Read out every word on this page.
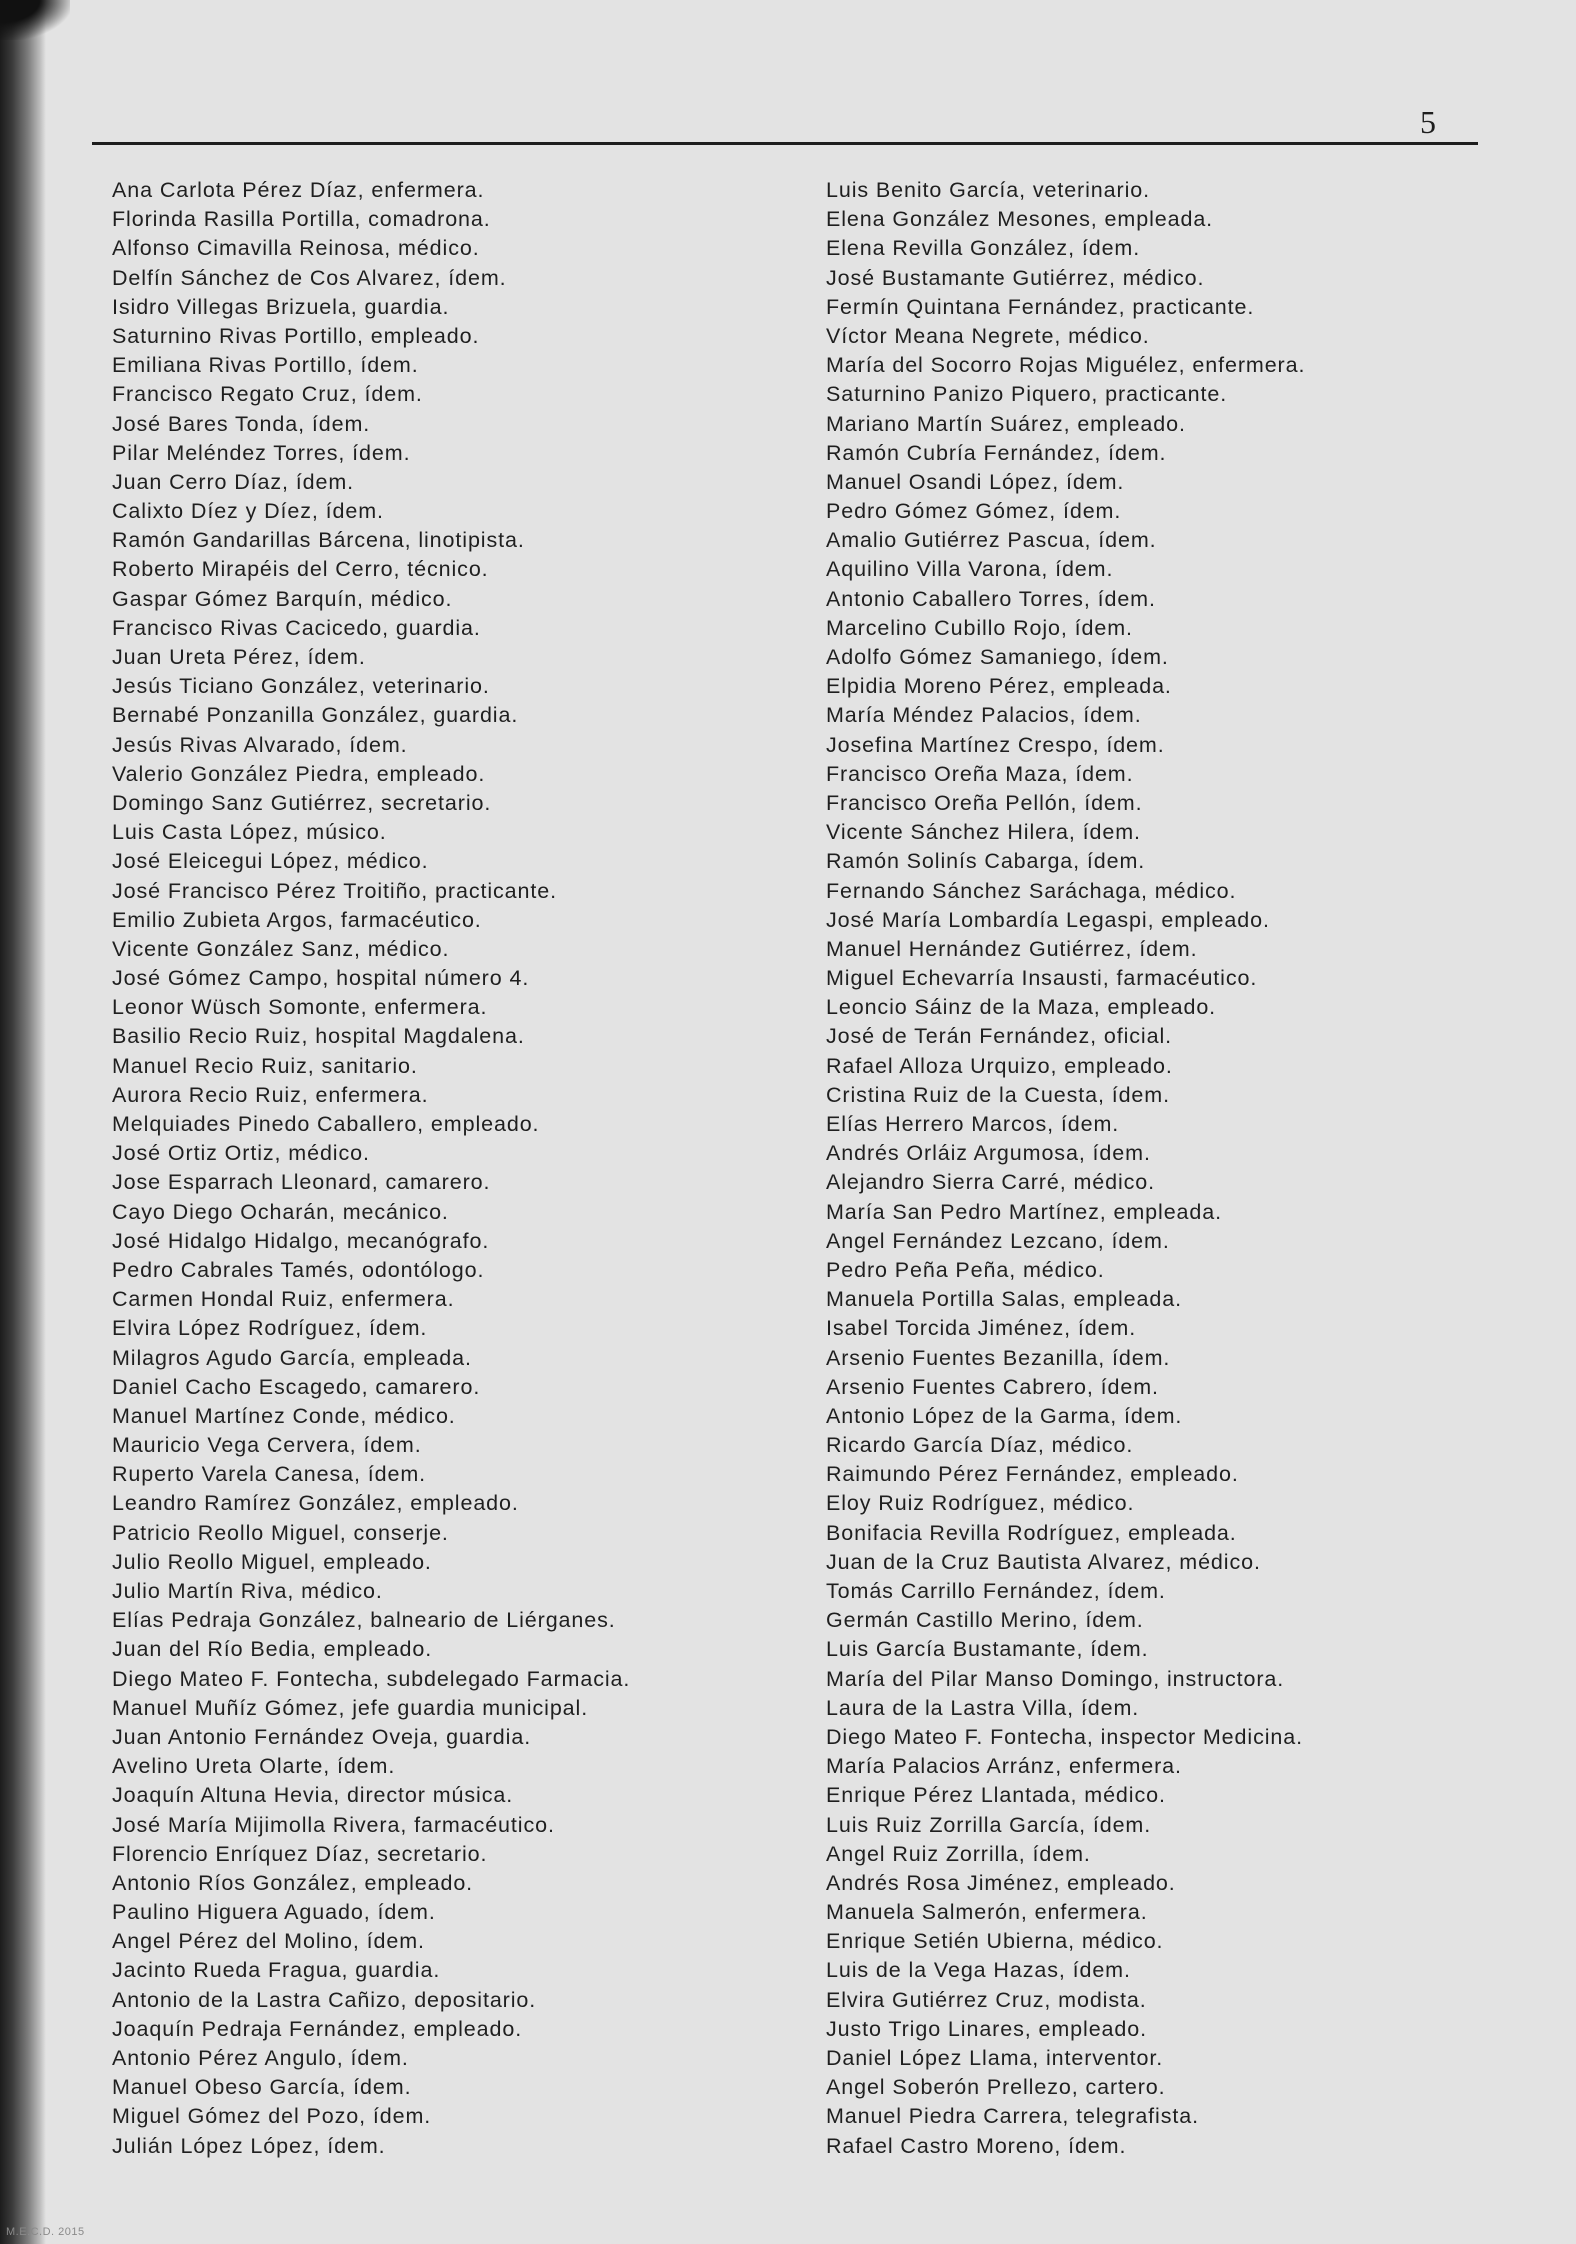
5
Ana Carlota Pérez Díaz, enfermera.
Florinda Rasilla Portilla, comadrona.
Alfonso Cimavilla Reinosa, médico.
Delfín Sánchez de Cos Alvarez, ídem.
Isidro Villegas Brizuela, guardia.
Saturnino Rivas Portillo, empleado.
Emiliana Rivas Portillo, ídem.
Francisco Regato Cruz, ídem.
José Bares Tonda, ídem.
Pilar Meléndez Torres, ídem.
Juan Cerro Díaz, ídem.
Calixto Díez y Díez, ídem.
Ramón Gandarillas Bárcena, linotipista.
Roberto Mirapéis del Cerro, técnico.
Gaspar Gómez Barquín, médico.
Francisco Rivas Cacicedo, guardia.
Juan Ureta Pérez, ídem.
Jesús Ticiano González, veterinario.
Bernabé Ponzanilla González, guardia.
Jesús Rivas Alvarado, ídem.
Valerio González Piedra, empleado.
Domingo Sanz Gutiérrez, secretario.
Luis Casta López, músico.
José Eleicegui López, médico.
José Francisco Pérez Troitiño, practicante.
Emilio Zubieta Argos, farmacéutico.
Vicente González Sanz, médico.
José Gómez Campo, hospital número 4.
Leonor Wüsch Somonte, enfermera.
Basilio Recio Ruiz, hospital Magdalena.
Manuel Recio Ruiz, sanitario.
Aurora Recio Ruiz, enfermera.
Melquiades Pinedo Caballero, empleado.
José Ortiz Ortiz, médico.
Jose Esparrach Lleonard, camarero.
Cayo Diego Ocharán, mecánico.
José Hidalgo Hidalgo, mecanógrafo.
Pedro Cabrales Tamés, odontólogo.
Carmen Hondal Ruiz, enfermera.
Elvira López Rodríguez, ídem.
Milagros Agudo García, empleada.
Daniel Cacho Escagedo, camarero.
Manuel Martínez Conde, médico.
Mauricio Vega Cervera, ídem.
Ruperto Varela Canesa, ídem.
Leandro Ramírez González, empleado.
Patricio Reollo Miguel, conserje.
Julio Reollo Miguel, empleado.
Julio Martín Riva, médico.
Elías Pedraja González, balneario de Liérganes.
Juan del Río Bedia, empleado.
Diego Mateo F. Fontecha, subdelegado Farmacia.
Manuel Muñíz Gómez, jefe guardia municipal.
Juan Antonio Fernández Oveja, guardia.
Avelino Ureta Olarte, ídem.
Joaquín Altuna Hevia, director música.
José María Mijimolla Rivera, farmacéutico.
Florencio Enríquez Díaz, secretario.
Antonio Ríos González, empleado.
Paulino Higuera Aguado, ídem.
Angel Pérez del Molino, ídem.
Jacinto Rueda Fragua, guardia.
Antonio de la Lastra Cañizo, depositario.
Joaquín Pedraja Fernández, empleado.
Antonio Pérez Angulo, ídem.
Manuel Obeso García, ídem.
Miguel Gómez del Pozo, ídem.
Julián López López, ídem.
Luis Benito García, veterinario.
Elena González Mesones, empleada.
Elena Revilla González, ídem.
José Bustamante Gutiérrez, médico.
Fermín Quintana Fernández, practicante.
Víctor Meana Negrete, médico.
María del Socorro Rojas Miguélez, enfermera.
Saturnino Panizo Piquero, practicante.
Mariano Martín Suárez, empleado.
Ramón Cubría Fernández, ídem.
Manuel Osandi López, ídem.
Pedro Gómez Gómez, ídem.
Amalio Gutiérrez Pascua, ídem.
Aquilino Villa Varona, ídem.
Antonio Caballero Torres, ídem.
Marcelino Cubillo Rojo, ídem.
Adolfo Gómez Samaniego, ídem.
Elpidia Moreno Pérez, empleada.
María Méndez Palacios, ídem.
Josefina Martínez Crespo, ídem.
Francisco Oreña Maza, ídem.
Francisco Oreña Pellón, ídem.
Vicente Sánchez Hilera, ídem.
Ramón Solinís Cabarga, ídem.
Fernando Sánchez Saráchaga, médico.
José María Lombardía Legaspi, empleado.
Manuel Hernández Gutiérrez, ídem.
Miguel Echevarría Insausti, farmacéutico.
Leoncio Sáinz de la Maza, empleado.
José de Terán Fernández, oficial.
Rafael Alloza Urquizo, empleado.
Cristina Ruiz de la Cuesta, ídem.
Elías Herrero Marcos, ídem.
Andrés Orláiz Argumosa, ídem.
Alejandro Sierra Carré, médico.
María San Pedro Martínez, empleada.
Angel Fernández Lezcano, ídem.
Pedro Peña Peña, médico.
Manuela Portilla Salas, empleada.
Isabel Torcida Jiménez, ídem.
Arsenio Fuentes Bezanilla, ídem.
Arsenio Fuentes Cabrero, ídem.
Antonio López de la Garma, ídem.
Ricardo García Díaz, médico.
Raimundo Pérez Fernández, empleado.
Eloy Ruiz Rodríguez, médico.
Bonifacia Revilla Rodríguez, empleada.
Juan de la Cruz Bautista Alvarez, médico.
Tomás Carrillo Fernández, ídem.
Germán Castillo Merino, ídem.
Luis García Bustamante, ídem.
María del Pilar Manso Domingo, instructora.
Laura de la Lastra Villa, ídem.
Diego Mateo F. Fontecha, inspector Medicina.
María Palacios Arránz, enfermera.
Enrique Pérez Llantada, médico.
Luis Ruiz Zorrilla García, ídem.
Angel Ruiz Zorrilla, ídem.
Andrés Rosa Jiménez, empleado.
Manuela Salmerón, enfermera.
Enrique Setién Ubierna, médico.
Luis de la Vega Hazas, ídem.
Elvira Gutiérrez Cruz, modista.
Justo Trigo Linares, empleado.
Daniel López Llama, interventor.
Angel Soberón Prellezo, cartero.
Manuel Piedra Carrera, telegrafista.
Rafael Castro Moreno, ídem.
M.E.C.D. 2015
